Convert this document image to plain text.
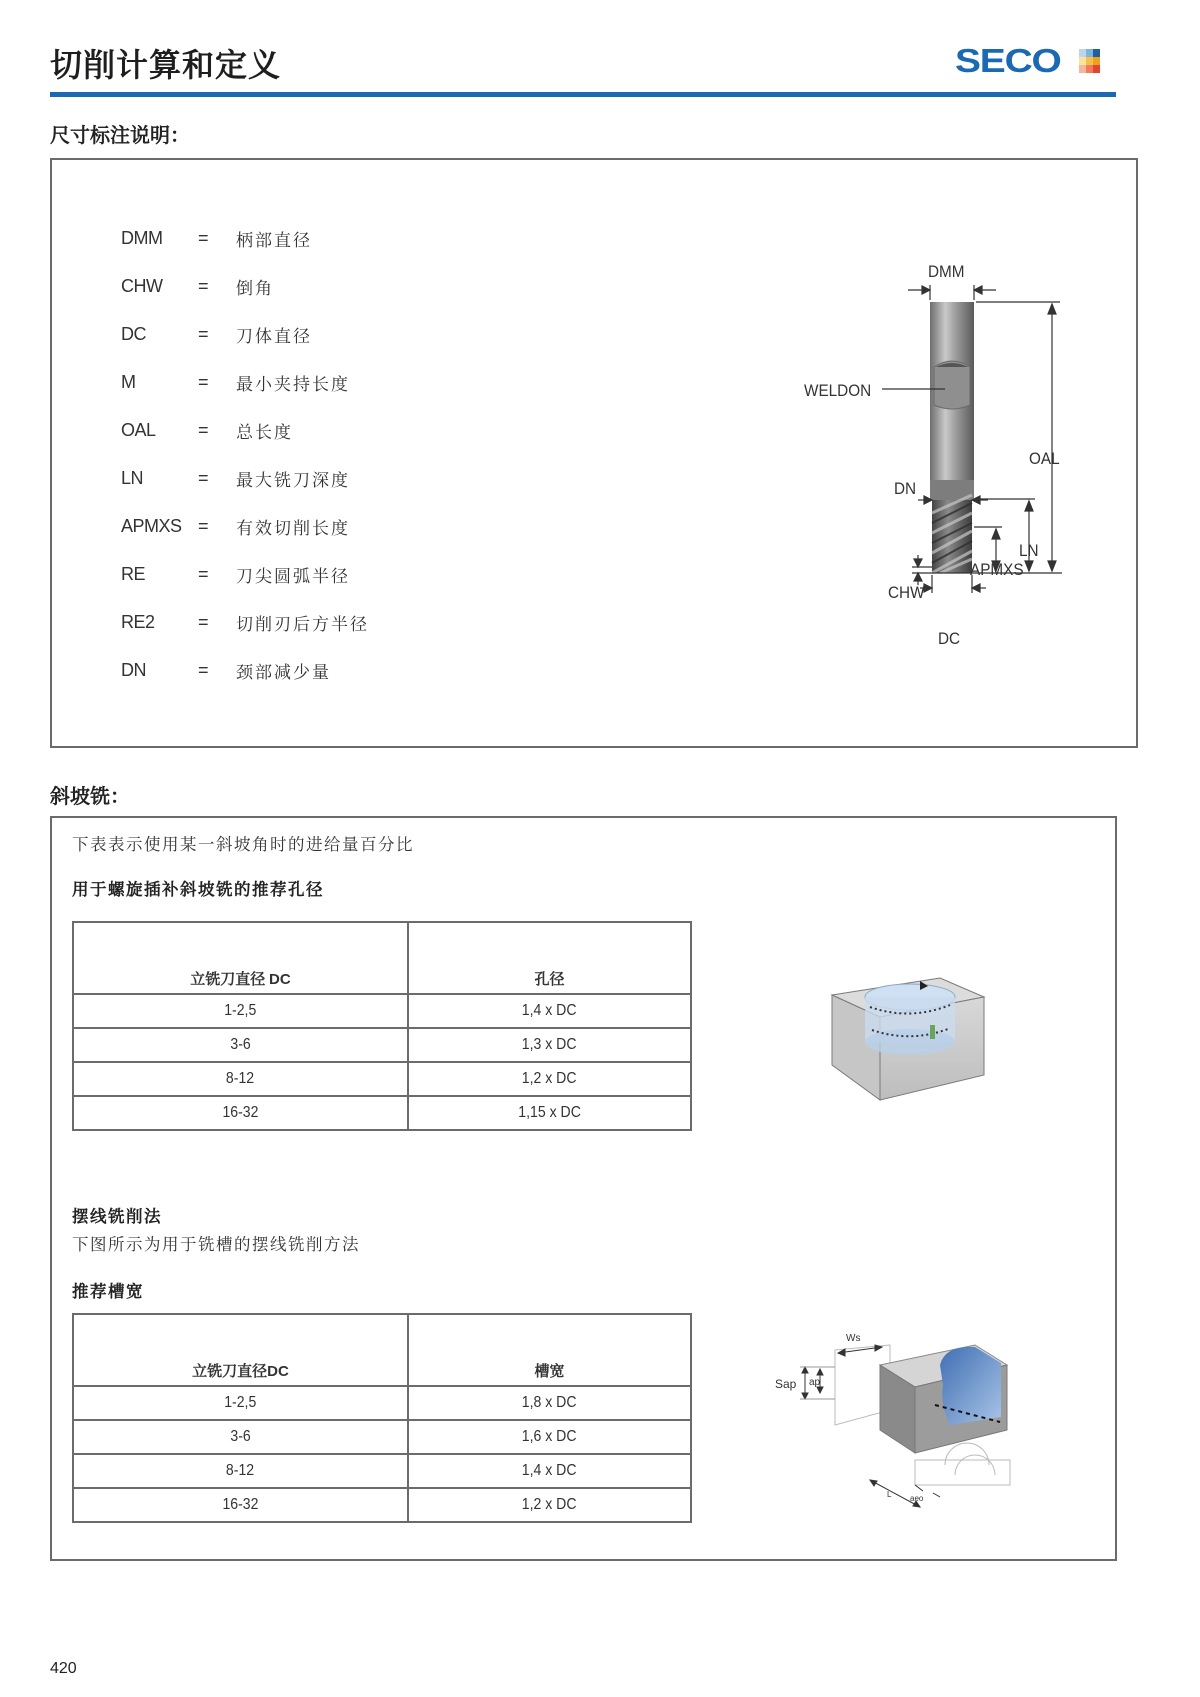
切削计算和定义	SECO
尺寸标注说明：
DMM	=	柄部直径
CHW	=	倒角
DC	=	刀体直径
M	=	最小夹持长度
OAL	=	总长度
LN	=	最大铣刀深度
APMXS =	有效切削长度
RE	=	刀尖圆弧半径
RE2	=	切削刃后方半径
DN	=	颈部减少量
DMM
WELDON
OAL
DN
LN
APMXS
CHW
DC
斜坡铣：
下表表示使用某一斜坡角时的进给量百分比
用于螺旋插补斜坡铣的推荐孔径
立铣刀直径 DC	孔径
1-2,5	1,4 x DC
3-6	1,3 x DC
8-12	1,2 x DC
16-32	1,15 x DC
摆线铣削法
下图所示为用于铣槽的摆线铣削方法
推荐槽宽
立铣刀直径DC	槽宽
1-2,5	1,8 x DC
3-6	1,6 x DC
8-12	1,4 x DC
16-32	1,2 x DC
Ws
Sap ap
aeo
L
420
